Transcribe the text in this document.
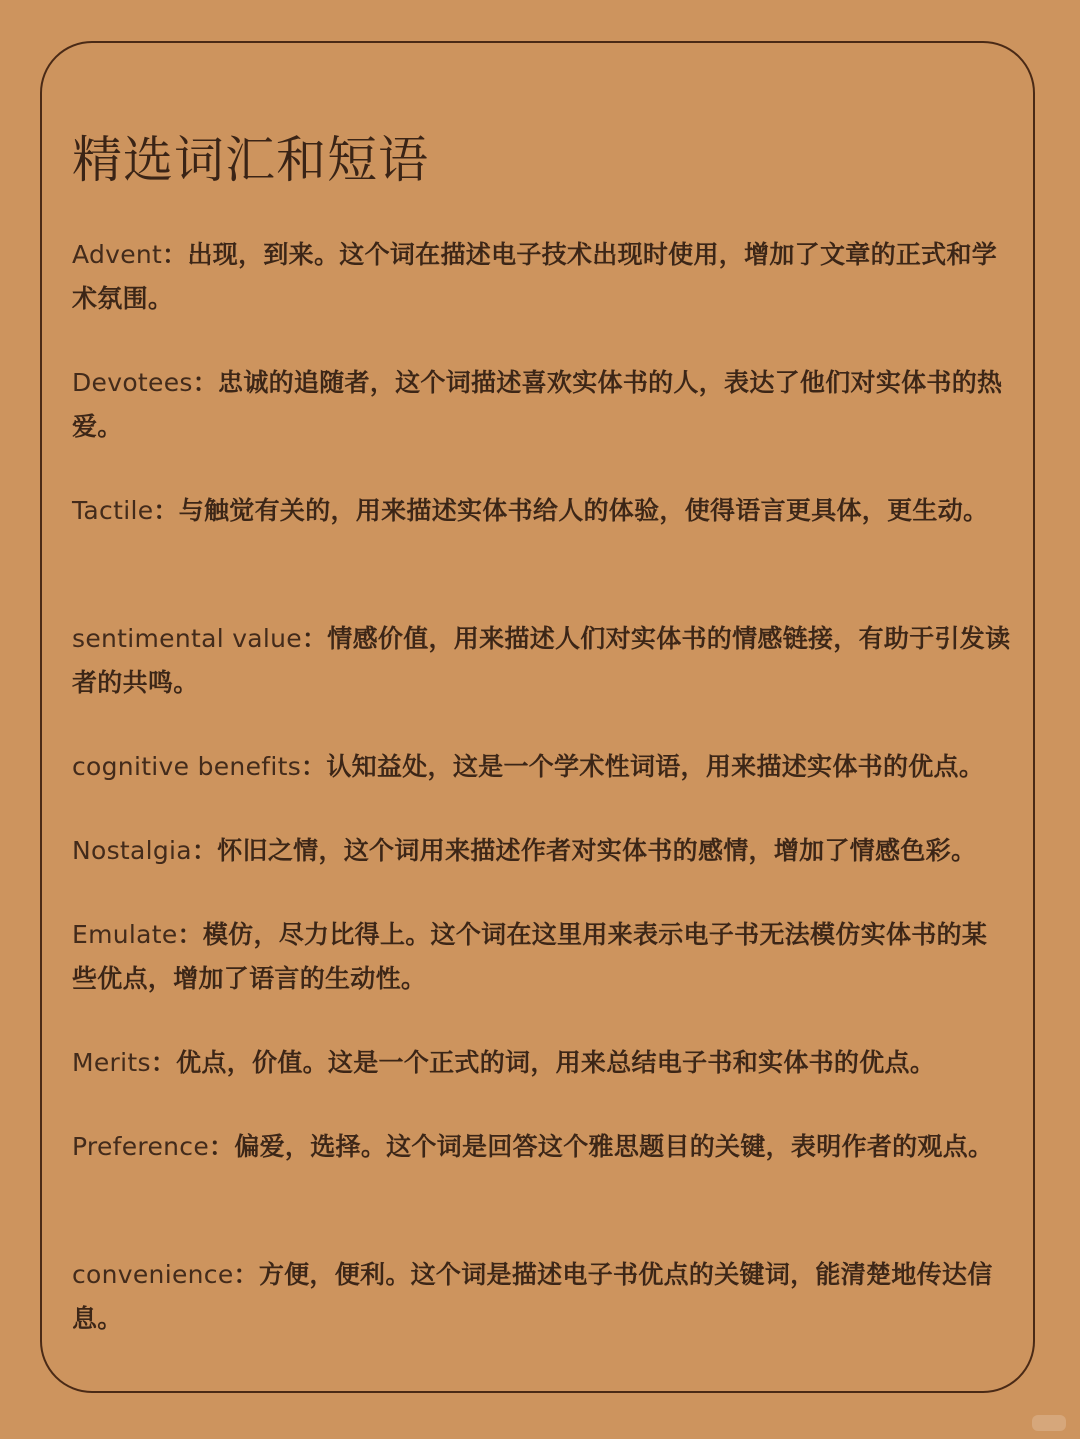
精选词汇和短语

Advent：出现，到来。这个词在描述电子技术出现时使用，增加了文章的正式和学术氛围。

Devotees：忠诚的追随者，这个词描述喜欢实体书的人，表达了他们对实体书的热爱。

Tactile：与触觉有关的，用来描述实体书给人的体验，使得语言更具体，更生动。

sentimental value：情感价值，用来描述人们对实体书的情感链接，有助于引发读者的共鸣。

cognitive benefits：认知益处，这是一个学术性词语，用来描述实体书的优点。

Nostalgia：怀旧之情，这个词用来描述作者对实体书的感情，增加了情感色彩。

Emulate：模仿，尽力比得上。这个词在这里用来表示电子书无法模仿实体书的某些优点，增加了语言的生动性。

Merits：优点，价值。这是一个正式的词，用来总结电子书和实体书的优点。

Preference：偏爱，选择。这个词是回答这个雅思题目的关键，表明作者的观点。

convenience：方便，便利。这个词是描述电子书优点的关键词，能清楚地传达信息。
